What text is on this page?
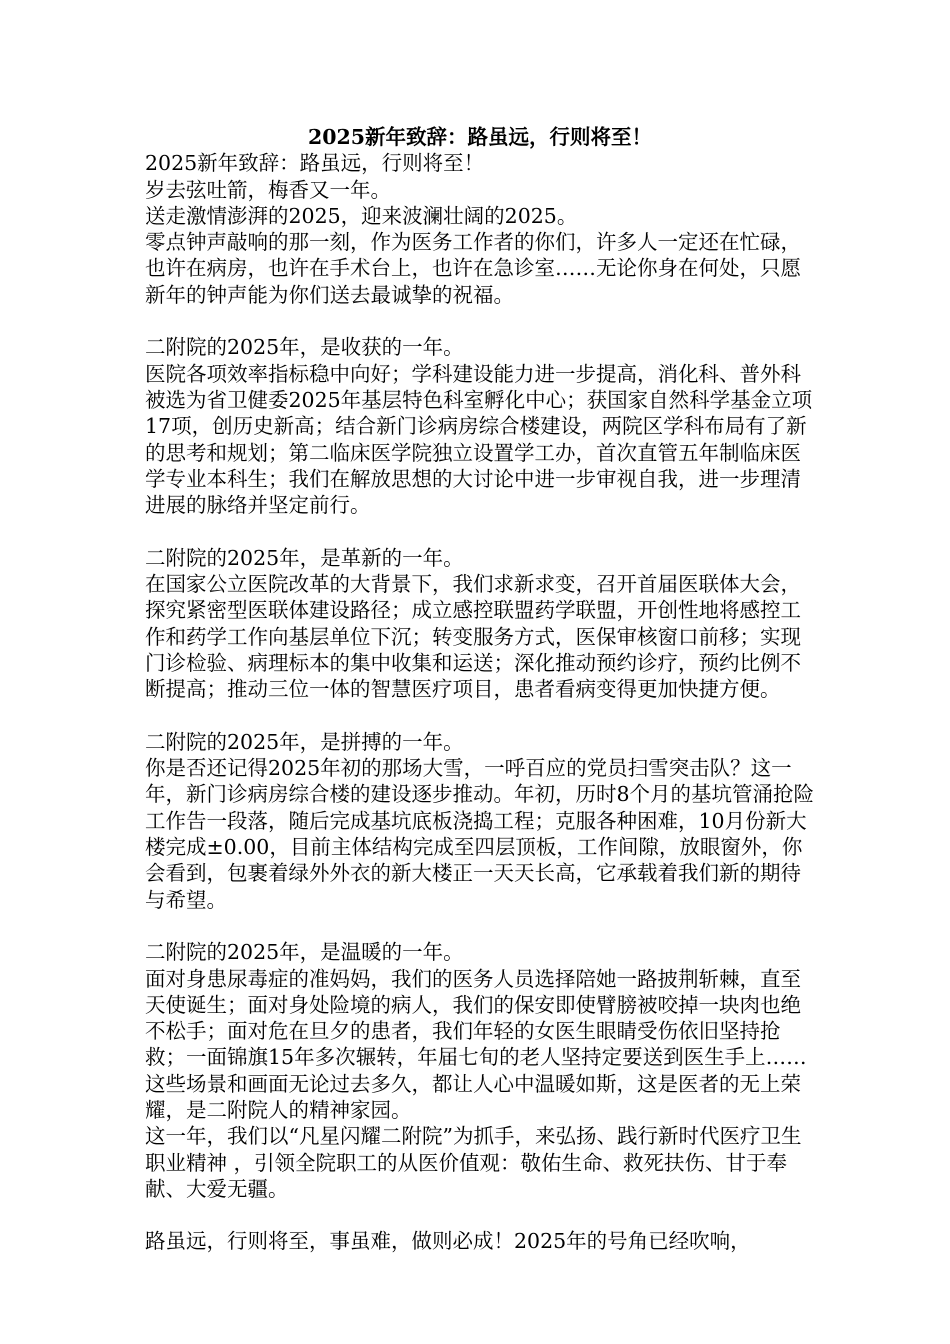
2025新年致辞：路虽远，行则将至！

2025新年致辞：路虽远，行则将至！

岁去弦吐箭，梅香又一年。

送走激情澎湃的2025，迎来波澜壮阔的2025。

零点钟声敲响的那一刻，作为医务工作者的你们，许多人一定还在忙碌，也许在病房，也许在手术台上，也许在急诊室……无论你身在何处，只愿新年的钟声能为你们送去最诚挚的祝福。

二附院的2025年，是收获的一年。

医院各项效率指标稳中向好；学科建设能力进一步提高，消化科、普外科被选为省卫健委2025年基层特色科室孵化中心；获国家自然科学基金立项17项，创历史新高；结合新门诊病房综合楼建设，两院区学科布局有了新的思考和规划；第二临床医学院独立设置学工办，首次直管五年制临床医学专业本科生；我们在解放思想的大讨论中进一步审视自我，进一步理清进展的脉络并坚定前行。

二附院的2025年，是革新的一年。

在国家公立医院改革的大背景下，我们求新求变，召开首届医联体大会，探究紧密型医联体建设路径；成立感控联盟药学联盟，开创性地将感控工作和药学工作向基层单位下沉；转变服务方式，医保审核窗口前移；实现门诊检验、病理标本的集中收集和运送；深化推动预约诊疗，预约比例不断提高；推动三位一体的智慧医疗项目，患者看病变得更加快捷方便。

二附院的2025年，是拼搏的一年。

你是否还记得2025年初的那场大雪，一呼百应的党员扫雪突击队？这一年，新门诊病房综合楼的建设逐步推动。年初，历时8个月的基坑管涌抢险工作告一段落，随后完成基坑底板浇捣工程；克服各种困难，10月份新大楼完成±0.00，目前主体结构完成至四层顶板，工作间隙，放眼窗外，你会看到，包裹着绿外外衣的新大楼正一天天长高，它承载着我们新的期待与希望。

二附院的2025年，是温暖的一年。

面对身患尿毒症的准妈妈，我们的医务人员选择陪她一路披荆斩棘，直至天使诞生；面对身处险境的病人，我们的保安即使臂膀被咬掉一块肉也绝不松手；面对危在旦夕的患者，我们年轻的女医生眼睛受伤依旧坚持抢救；一面锦旗15年多次辗转，年届七旬的老人坚持定要送到医生手上……这些场景和画面无论过去多久，都让人心中温暖如斯，这是医者的无上荣耀，是二附院人的精神家园。

这一年，我们以“凡星闪耀二附院”为抓手，来弘扬、践行新时代医疗卫生职业精神 ，引领全院职工的从医价值观：敬佑生命、救死扶伤、甘于奉献、大爱无疆。

路虽远，行则将至，事虽难，做则必成！2025年的号角已经吹响，
